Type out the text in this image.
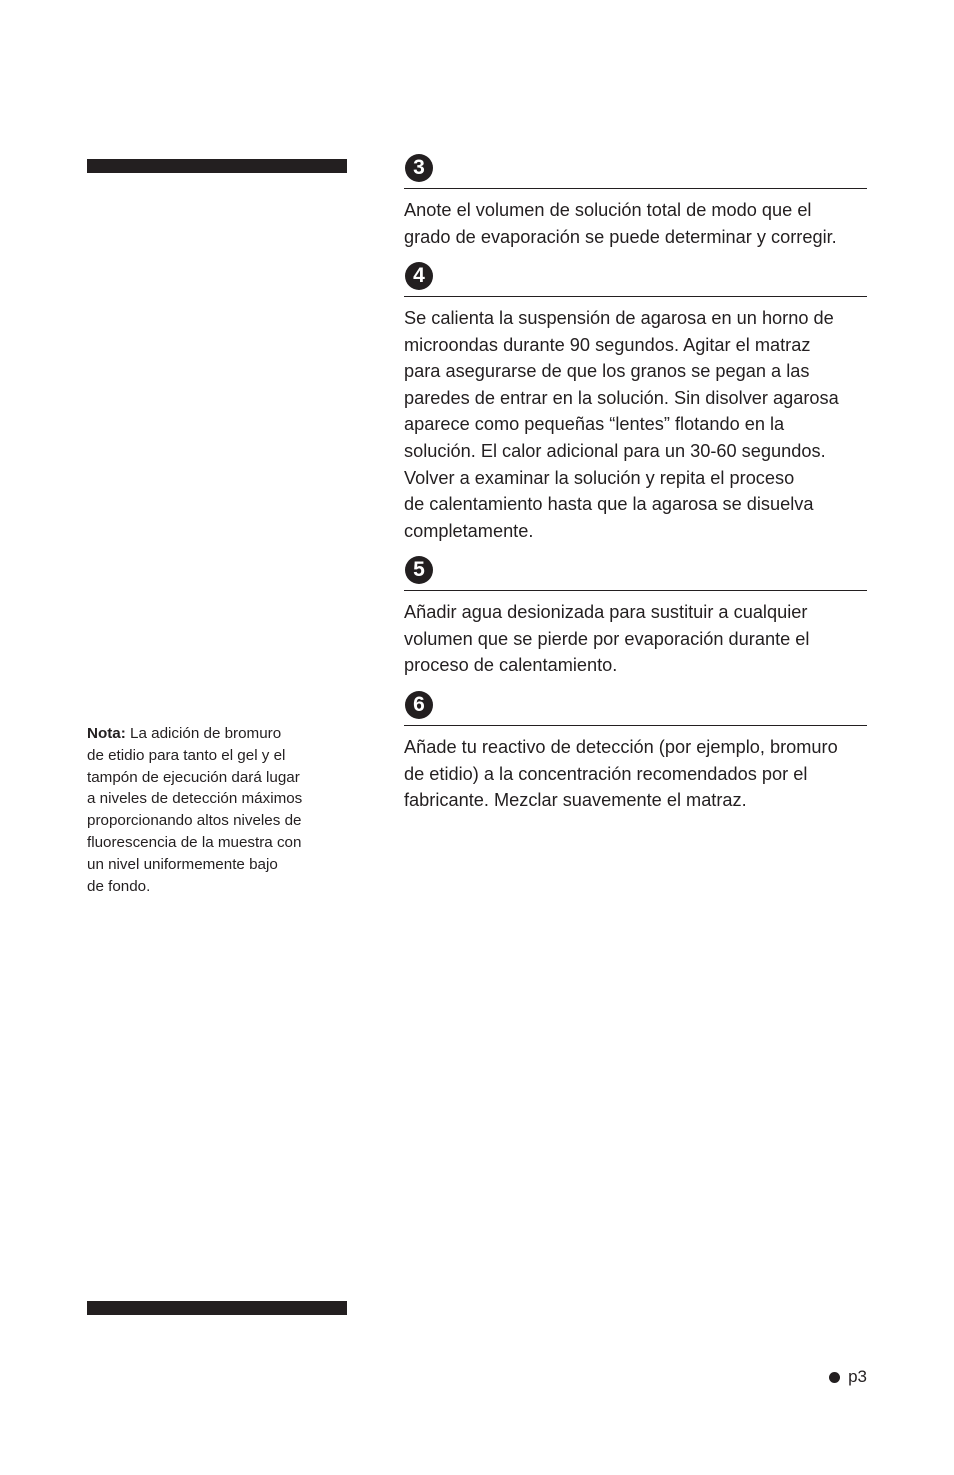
Nota: La adición de bromuro
de etidio para tanto el gel y el
tampón de ejecución dará lugar
a niveles de detección máximos
proporcionando altos niveles de
fluorescencia de la muestra con
un nivel uniformemente bajo
de fondo.
3
Anote el volumen de solución total de modo que el
grado de evaporación se puede determinar y corregir.
4
Se calienta la suspensión de agarosa en un horno de
microondas durante 90 segundos. Agitar el matraz
para asegurarse de que los granos se pegan a las
paredes de entrar en la solución. Sin disolver agarosa
aparece como pequeñas “lentes” flotando en la
solución. El calor adicional para un 30-60 segundos.
Volver a examinar la solución y repita el proceso
de calentamiento hasta que la agarosa se disuelva
completamente.
5
Añadir agua desionizada para sustituir a cualquier
volumen que se pierde por evaporación durante el
proceso de calentamiento.
6
Añade tu reactivo de detección (por ejemplo, bromuro
de etidio) a la concentración recomendados por el
fabricante. Mezclar suavemente el matraz.
p3
